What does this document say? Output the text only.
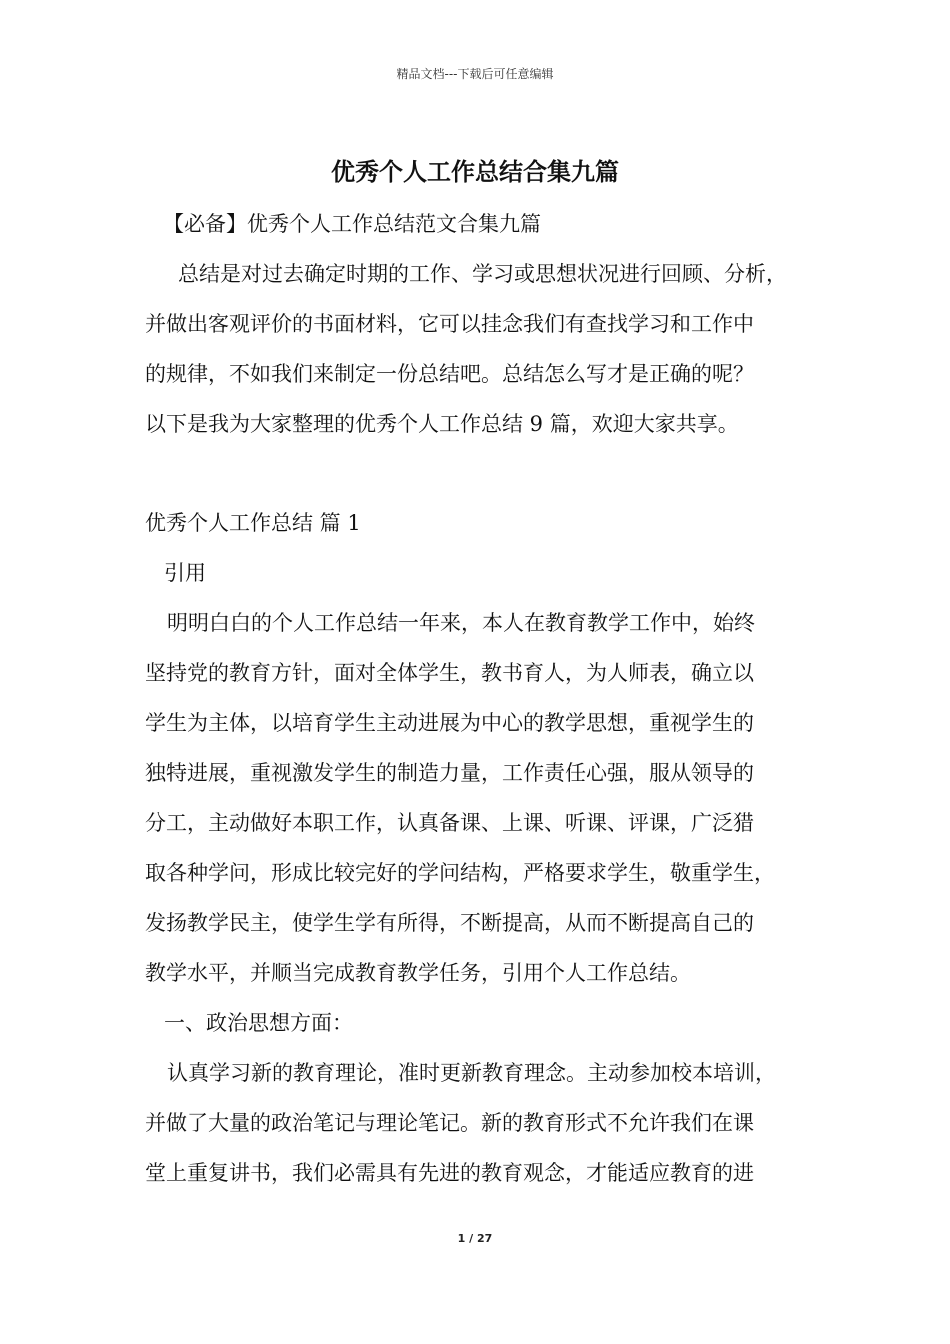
精品文档---下载后可任意编辑
优秀个人工作总结合集九篇
【必备】优秀个人工作总结范文合集九篇
总结是对过去确定时期的工作、学习或思想状况进行回顾、分析，
并做出客观评价的书面材料，它可以挂念我们有查找学习和工作中
的规律，不如我们来制定一份总结吧。总结怎么写才是正确的呢？
以下是我为大家整理的优秀个人工作总结 9 篇，欢迎大家共享。
优秀个人工作总结 篇 1
引用
明明白白的个人工作总结一年来，本人在教育教学工作中，始终
坚持党的教育方针，面对全体学生，教书育人，为人师表，确立以
学生为主体，以培育学生主动进展为中心的教学思想，重视学生的
独特进展，重视激发学生的制造力量，工作责任心强，服从领导的
分工，主动做好本职工作，认真备课、上课、听课、评课，广泛猎
取各种学问，形成比较完好的学问结构，严格要求学生，敬重学生，
发扬教学民主，使学生学有所得，不断提高，从而不断提高自己的
教学水平，并顺当完成教育教学任务，引用个人工作总结。
一、政治思想方面：
认真学习新的教育理论，准时更新教育理念。主动参加校本培训，
并做了大量的政治笔记与理论笔记。新的教育形式不允许我们在课
堂上重复讲书，我们必需具有先进的教育观念，才能适应教育的进
1 / 27
